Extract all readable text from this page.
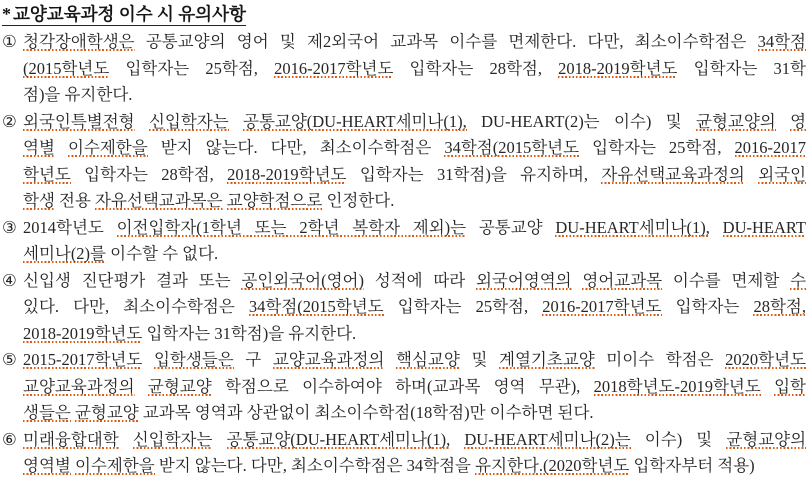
*교양교육과정 이수 시 유의사항
① 청각장애학생은 공통교양의 영어 및 제2외국어 교과목 이수를 면제한다. 다만, 최소이수학점은 34학점
(2015학년도 입학자는 25학점, 2016-2017학년도 입학자는 28학점, 2018-2019학년도 입학자는 31학
점)을 유지한다.
② 외국인특별전형 신입학자는 공통교양(DU-HEART세미나(1), DU-HEART(2)는 이수) 및 균형교양의 영
역별 이수제한을 받지 않는다. 다만, 최소이수학점은 34학점(2015학년도 입학자는 25학점, 2016-2017
학년도 입학자는 28학점, 2018-2019학년도 입학자는 31학점)을 유지하며, 자유선택교육과정의 외국인
학생 전용 자유선택교과목은 교양학점으로 인정한다.
③ 2014학년도 이전입학자(1학년 또는 2학년 복학자 제외)는 공통교양 DU-HEART세미나(1), DU-HEART
세미나(2)를 이수할 수 없다.
④ 신입생 진단평가 결과 또는 공인외국어(영어) 성적에 따라 외국어영역의 영어교과목 이수를 면제할 수
있다. 다만, 최소이수학점은 34학점(2015학년도 입학자는 25학점, 2016-2017학년도 입학자는 28학점,
2018-2019학년도 입학자는 31학점)을 유지한다.
⑤ 2015-2017학년도 입학생들은 구 교양교육과정의 핵심교양 및 계열기초교양 미이수 학점은 2020학년도
교양교육과정의 균형교양 학점으로 이수하여야 하며(교과목 영역 무관), 2018학년도-2019학년도 입학
생들은 균형교양 교과목 영역과 상관없이 최소이수학점(18학점)만 이수하면 된다.
⑥ 미래융합대학 신입학자는 공통교양(DU-HEART세미나(1), DU-HEART세미나(2)는 이수) 및 균형교양의
영역별 이수제한을 받지 않는다. 다만, 최소이수학점은 34학점을 유지한다.(2020학년도 입학자부터 적용)
